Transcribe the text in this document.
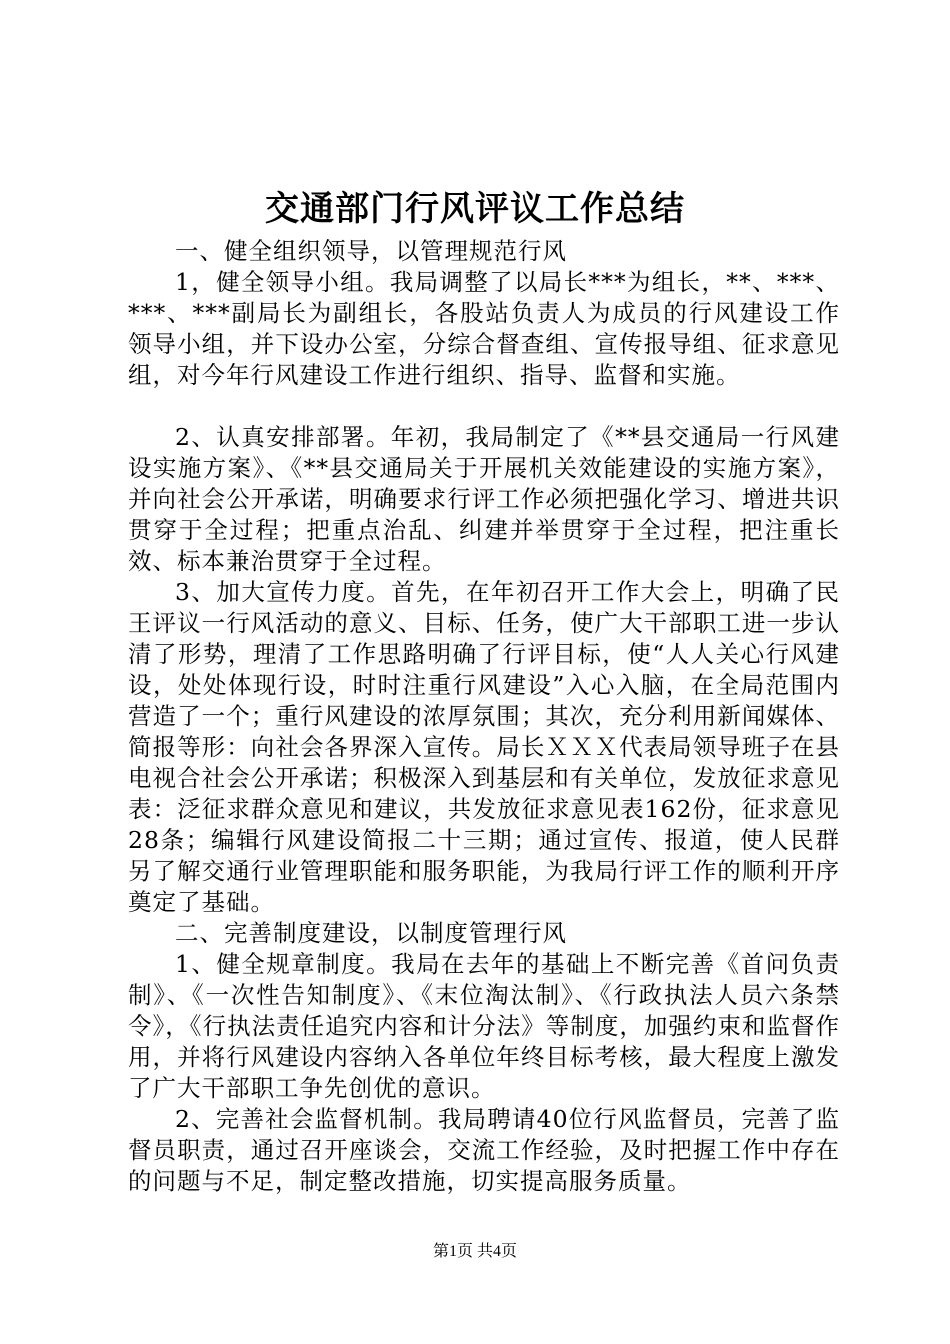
交通部门行风评议工作总结

一、健全组织领导，以管理规范行风

1，健全领导小组。我局调整了以局长***为组长，**、***、***、***副局长为副组长，各股站负责人为成员的行风建设工作领导小组，并下设办公室，分综合督查组、宣传报导组、征求意见组，对今年行风建设工作进行组织、指导、监督和实施。

2、认真安排部署。年初，我局制定了《**县交通局一行风建设实施方案》、《**县交通局关于开展机关效能建设的实施方案》，并向社会公开承诺，明确要求行评工作必须把强化学习、增进共识贯穿于全过程；把重点治乱、纠建并举贯穿于全过程，把注重长效、标本兼治贯穿于全过程。

3、加大宣传力度。首先，在年初召开工作大会上，明确了民王评议一行风活动的意义、目标、任务，使广大干部职工进一步认清了形势，理清了工作思路明确了行评目标，使“人人关心行风建设，处处体现行设，时时注重行风建设”入心入脑，在全局范围内营造了一个；重行风建设的浓厚氛围；其次，充分利用新闻媒体、简报等形：向社会各界深入宣传。局长ＸＸＸ代表局领导班子在县电视合社会公开承诺；积极深入到基层和有关单位，发放征求意见表：泛征求群众意见和建议，共发放征求意见表162份，征求意见28条；编辑行风建设简报二十三期；通过宣传、报道，使人民群另了解交通行业管理职能和服务职能，为我局行评工作的顺利开序奠定了基础。

二、完善制度建设，以制度管理行风

1、健全规章制度。我局在去年的基础上不断完善《首问负责制》、《一次性告知制度》、《末位淘汰制》、《行政执法人员六条禁令》，《行执法责任追究内容和计分法》等制度，加强约束和监督作用，并将行风建设内容纳入各单位年终目标考核，最大程度上激发了广大干部职工争先创优的意识。

2、完善社会监督机制。我局聘请40位行风监督员，完善了监督员职责，通过召开座谈会，交流工作经验，及时把握工作中存在的问题与不足，制定整改措施，切实提高服务质量。

第1页 共4页
